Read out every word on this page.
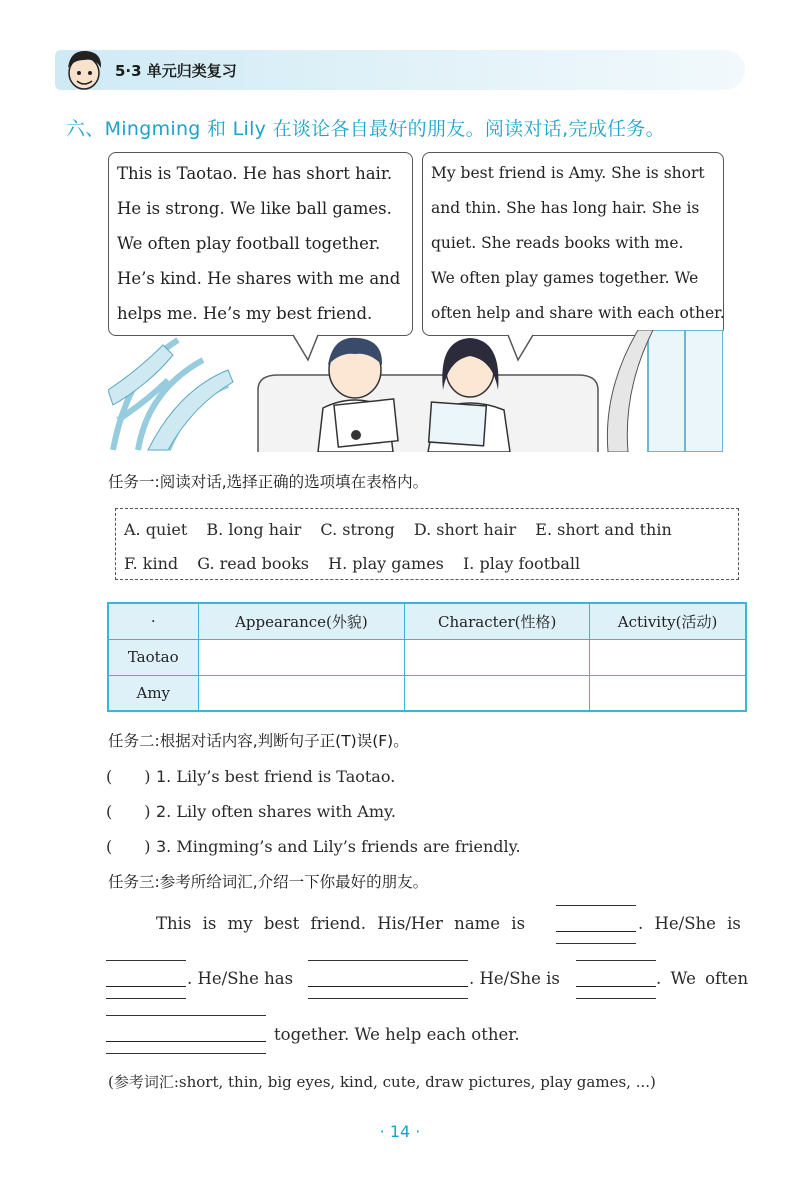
5·3 单元归类复习
六、Mingming 和 Lily 在谈论各自最好的朋友。阅读对话,完成任务。

This is Taotao. He has short hair.

He is strong. We like ball games.

We often play football together.

He’s kind. He shares with me and

helps me. He’s my best friend.

My best friend is Amy. She is short

and thin. She has long hair. She is

quiet. She reads books with me.

We often play games together. We

often help and share with each other.

任务一:阅读对话,选择正确的选项填在表格内。
A. quiet B. long hair C. strong D. short hair E. short and thin
F. kind G. read books H. play games I. play football
·	Appearance(外貌)	Character(性格)	Activity(活动)
Taotao			
Amy			
任务二:根据对话内容,判断句子正(T)误(F)。
(　　) 1. Lily’s best friend is Taotao.
(　　) 2. Lily often shares with Amy.
(　　) 3. Mingming’s and Lily’s friends are friendly.
任务三:参考所给词汇,介绍一下你最好的朋友。
This is my best friend. His/Her name is	. He/She is
. He/She has	. He/She is	. We often
together. We help each other.
(参考词汇:short, thin, big eyes, kind, cute, draw pictures, play games, ...)
· 14 ·
